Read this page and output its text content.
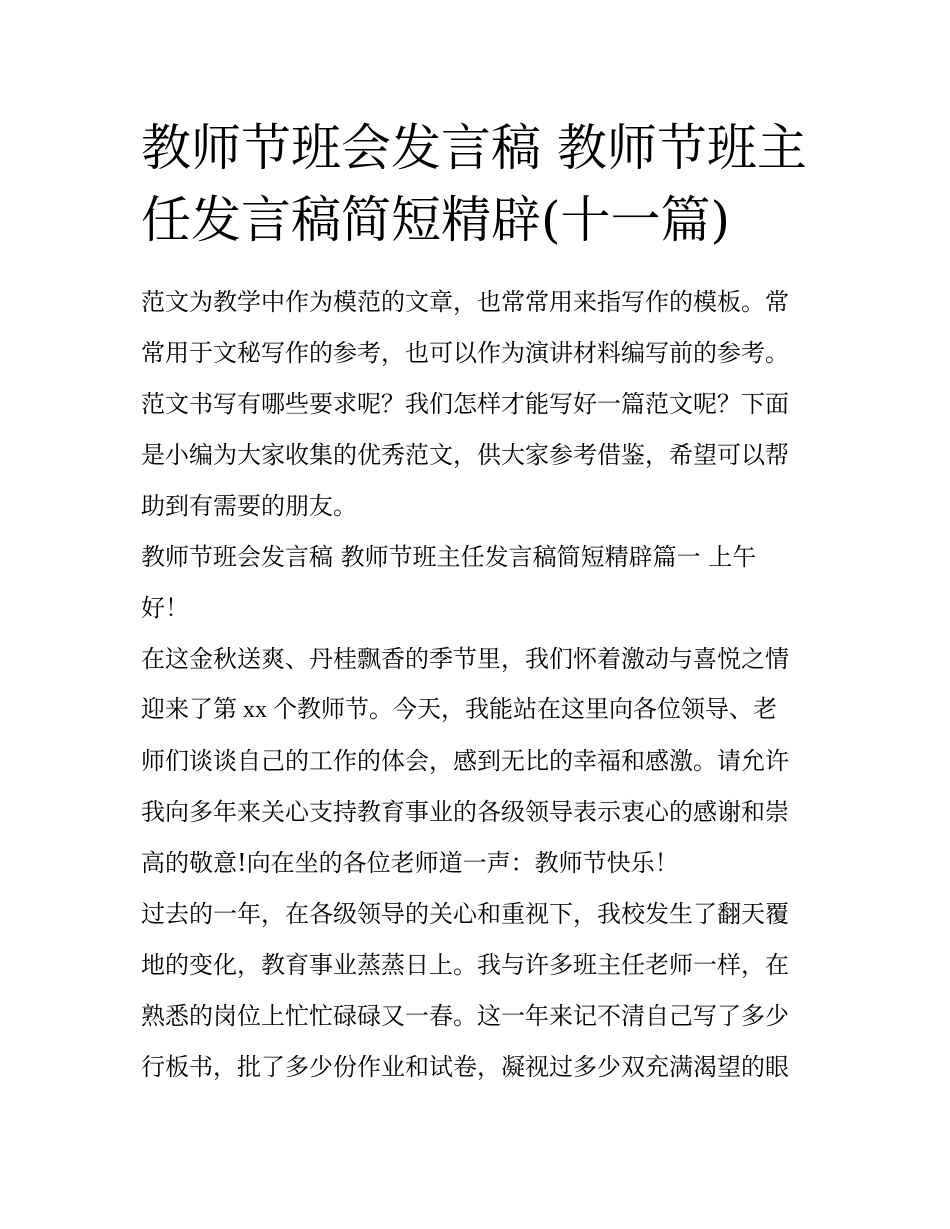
教师节班会发言稿 教师节班主
任发言稿简短精辟(十一篇)
范文为教学中作为模范的文章，也常常用来指写作的模板。常
常用于文秘写作的参考，也可以作为演讲材料编写前的参考。
范文书写有哪些要求呢？我们怎样才能写好一篇范文呢？下面
是小编为大家收集的优秀范文，供大家参考借鉴，希望可以帮
助到有需要的朋友。
教师节班会发言稿 教师节班主任发言稿简短精辟篇一 上午
好！
在这金秋送爽、丹桂飘香的季节里，我们怀着激动与喜悦之情
迎来了第 xx 个教师节。今天，我能站在这里向各位领导、老
师们谈谈自己的工作的体会，感到无比的幸福和感激。请允许
我向多年来关心支持教育事业的各级领导表示衷心的感谢和崇
高的敬意!向在坐的各位老师道一声：教师节快乐！
过去的一年，在各级领导的关心和重视下，我校发生了翻天覆
地的变化，教育事业蒸蒸日上。我与许多班主任老师一样，在
熟悉的岗位上忙忙碌碌又一春。这一年来记不清自己写了多少
行板书，批了多少份作业和试卷，凝视过多少双充满渴望的眼
